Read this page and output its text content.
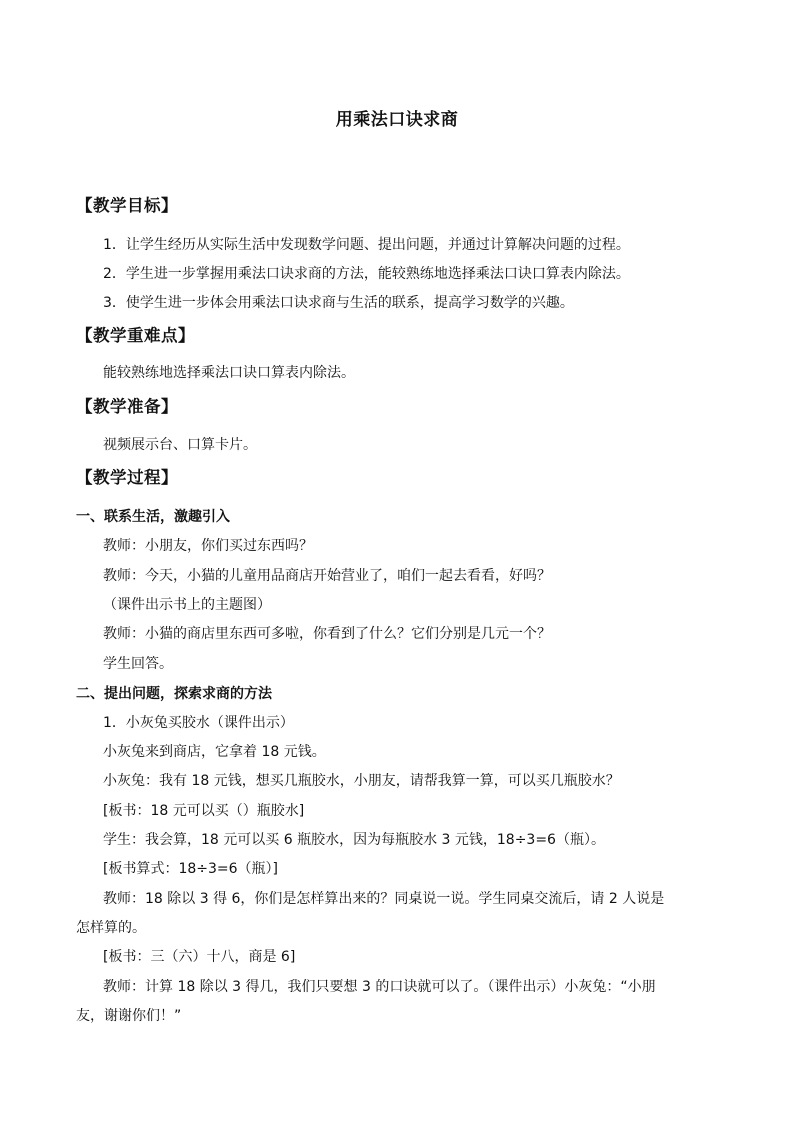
用乘法口诀求商
【教学目标】
1．让学生经历从实际生活中发现数学问题、提出问题，并通过计算解决问题的过程。
2．学生进一步掌握用乘法口诀求商的方法，能较熟练地选择乘法口诀口算表内除法。
3．使学生进一步体会用乘法口诀求商与生活的联系，提高学习数学的兴趣。
【教学重难点】
能较熟练地选择乘法口诀口算表内除法。
【教学准备】
视频展示台、口算卡片。
【教学过程】
一、联系生活，激趣引入
教师：小朋友，你们买过东西吗？
教师：今天，小猫的儿童用品商店开始营业了，咱们一起去看看，好吗？
（课件出示书上的主题图）
教师：小猫的商店里东西可多啦，你看到了什么？它们分别是几元一个？
学生回答。
二、提出问题，探索求商的方法
1．小灰兔买胶水（课件出示）
小灰兔来到商店，它拿着 18 元钱。
小灰兔：我有 18 元钱，想买几瓶胶水，小朋友，请帮我算一算，可以买几瓶胶水？
[板书：18 元可以买（）瓶胶水]
学生：我会算，18 元可以买 6 瓶胶水，因为每瓶胶水 3 元钱，18÷3=6（瓶）。
[板书算式：18÷3=6（瓶）]
教师：18 除以 3 得 6，你们是怎样算出来的？同桌说一说。学生同桌交流后，请 2 人说是
怎样算的。
[板书：三（六）十八，商是 6]
教师：计算 18 除以 3 得几，我们只要想 3 的口诀就可以了。（课件出示）小灰兔：“小朋
友，谢谢你们！”
